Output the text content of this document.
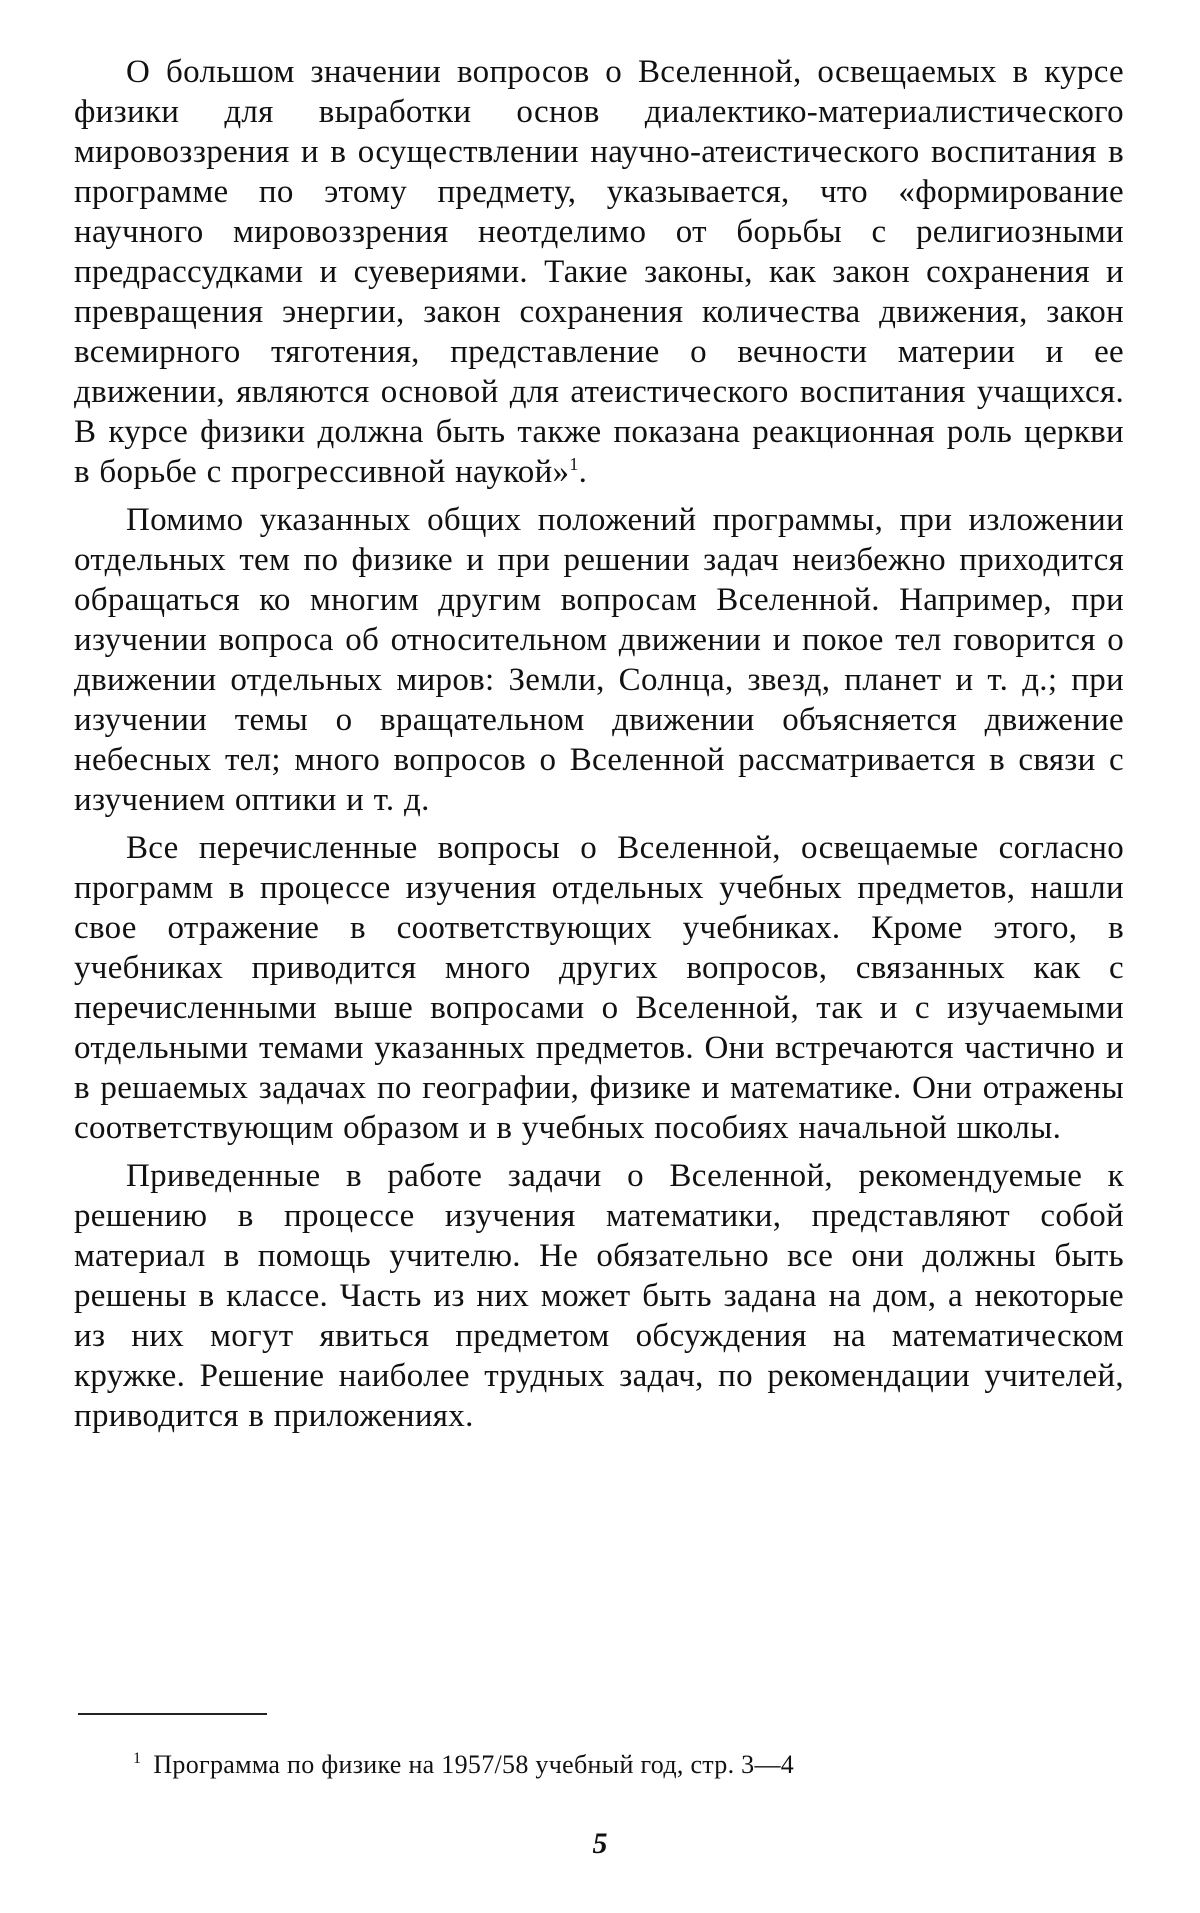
О большом значении вопросов о Вселенной, освещаемых в курсе физики для выработки основ диалектико-материалистического мировоззрения и в осуществлении научно-атеистического воспитания в программе по этому предмету, указывается, что «формирование научного мировоззрения неотделимо от борьбы с религиозными предрассудками и суевериями. Такие законы, как закон сохранения и превращения энергии, закон сохранения количества движения, закон всемирного тяготения, представление о вечности материи и ее движении, являются основой для атеистического воспитания учащихся. В курсе физики должна быть также показана реакционная роль церкви в борьбе с прогрессивной наукой»$^1$.

Помимо указанных общих положений программы, при изложении отдельных тем по физике и при решении задач неизбежно приходится обращаться ко многим другим вопросам Вселенной. Например, при изучении вопроса об относительном движении и покое тел говорится о движении отдельных миров: Земли, Солнца, звезд, планет и т. д.; при изучении темы о вращательном движении объясняется движение небесных тел; много вопросов о Вселенной рассматривается в связи с изучением оптики и т. д.

Все перечисленные вопросы о Вселенной, освещаемые согласно программ в процессе изучения отдельных учебных предметов, нашли свое отражение в соответствующих учебниках. Кроме этого, в учебниках приводится много других вопросов, связанных как с перечисленными выше вопросами о Вселенной, так и с изучаемыми отдельными темами указанных предметов. Они встречаются частично и в решаемых задачах по географии, физике и математике. Они отражены соответствующим образом и в учебных пособиях начальной школы.

Приведенные в работе задачи о Вселенной, рекомендуемые к решению в процессе изучения математики, представляют собой материал в помощь учителю. Не обязательно все они должны быть решены в классе. Часть из них может быть задана на дом, а некоторые из них могут явиться предметом обсуждения на математическом кружке. Решение наиболее трудных задач, по рекомендации учителей, приводится в приложениях.

$^1$ Программа по физике на 1957/58 учебный год, стр. 3—4
5
